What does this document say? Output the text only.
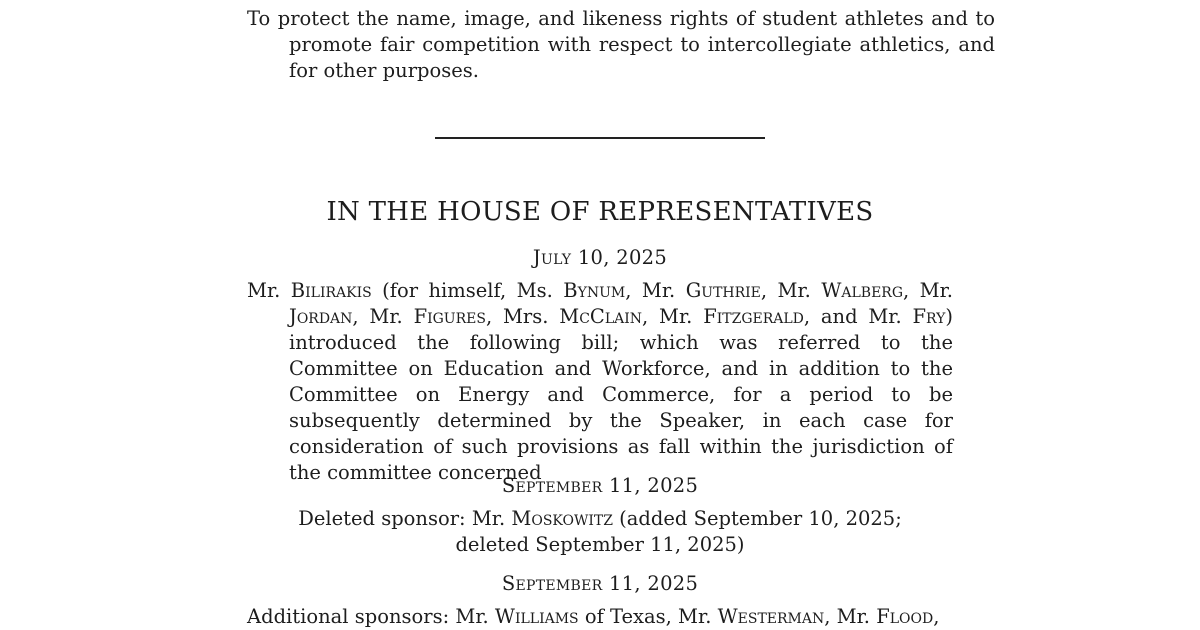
To protect the name, image, and likeness rights of student athletes and to promote fair competition with respect to intercollegiate athletics, and for other purposes.
IN THE HOUSE OF REPRESENTATIVES
July 10, 2025
Mr. Bilirakis (for himself, Ms. Bynum, Mr. Guthrie, Mr. Walberg, Mr. Jordan, Mr. Figures, Mrs. McClain, Mr. Fitzgerald, and Mr. Fry) introduced the following bill; which was referred to the Committee on Education and Workforce, and in addition to the Committee on Energy and Commerce, for a period to be subsequently determined by the Speaker, in each case for consideration of such provisions as fall within the jurisdiction of the committee concerned
September 11, 2025
Deleted sponsor: Mr. Moskowitz (added September 10, 2025; deleted September 11, 2025)
September 11, 2025
Additional sponsors: Mr. Williams of Texas, Mr. Westerman, Mr. Flood,
